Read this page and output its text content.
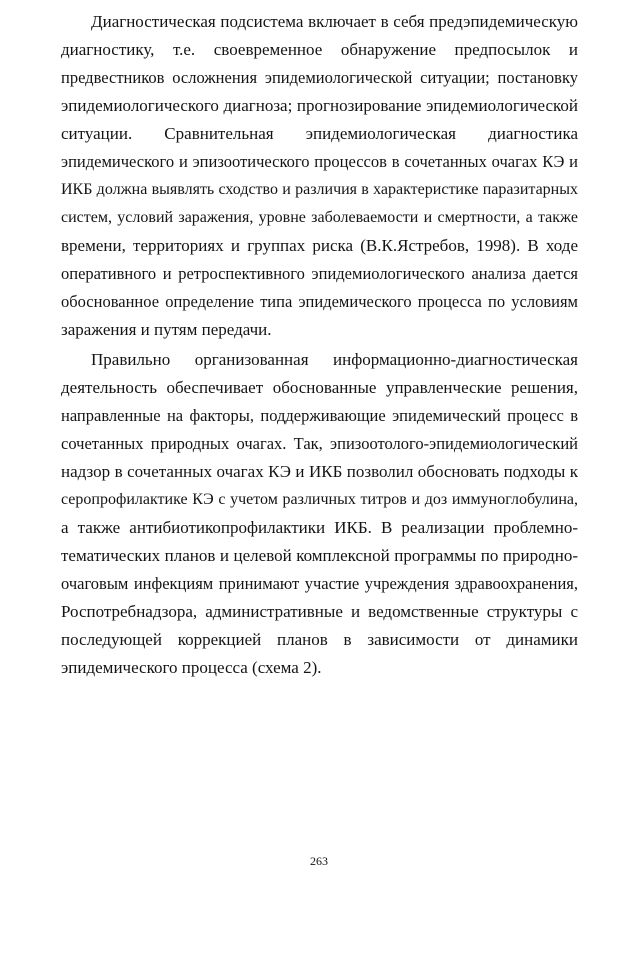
Диагностическая подсистема включает в себя предэпидемическую

диагностику, т.е. своевременное обнаружение предпосылок и

предвестников осложнения эпидемиологической ситуации; постановку

эпидемиологического диагноза; прогнозирование эпидемиологической

ситуации. Сравнительная эпидемиологическая диагностика

эпидемического и эпизоотического процессов в сочетанных очагах КЭ и

ИКБ должна выявлять сходство и различия в характеристике паразитарных

систем, условий заражения, уровне заболеваемости и смертности, а также

времени, территориях и группах риска (В.К.Ястребов, 1998). В ходе

оперативного и ретроспективного эпидемиологического анализа дается

обоснованное определение типа эпидемического процесса по условиям

заражения и путям передачи.

Правильно организованная информационно-диагностическая

деятельность обеспечивает обоснованные управленческие решения,

направленные на факторы, поддерживающие эпидемический процесс в

сочетанных природных очагах. Так, эпизоотолого-эпидемиологический

надзор в сочетанных очагах КЭ и ИКБ позволил обосновать подходы к

серопрофилактике КЭ с учетом различных титров и доз иммуноглобулина,

а также антибиотикопрофилактики ИКБ. В реализации проблемно-

тематических планов и целевой комплексной программы по природно-

очаговым инфекциям принимают участие учреждения здравоохранения,

Роспотребнадзора, административные и ведомственные структуры с

последующей коррекцией планов в зависимости от динамики

эпидемического процесса (схема 2).

263
